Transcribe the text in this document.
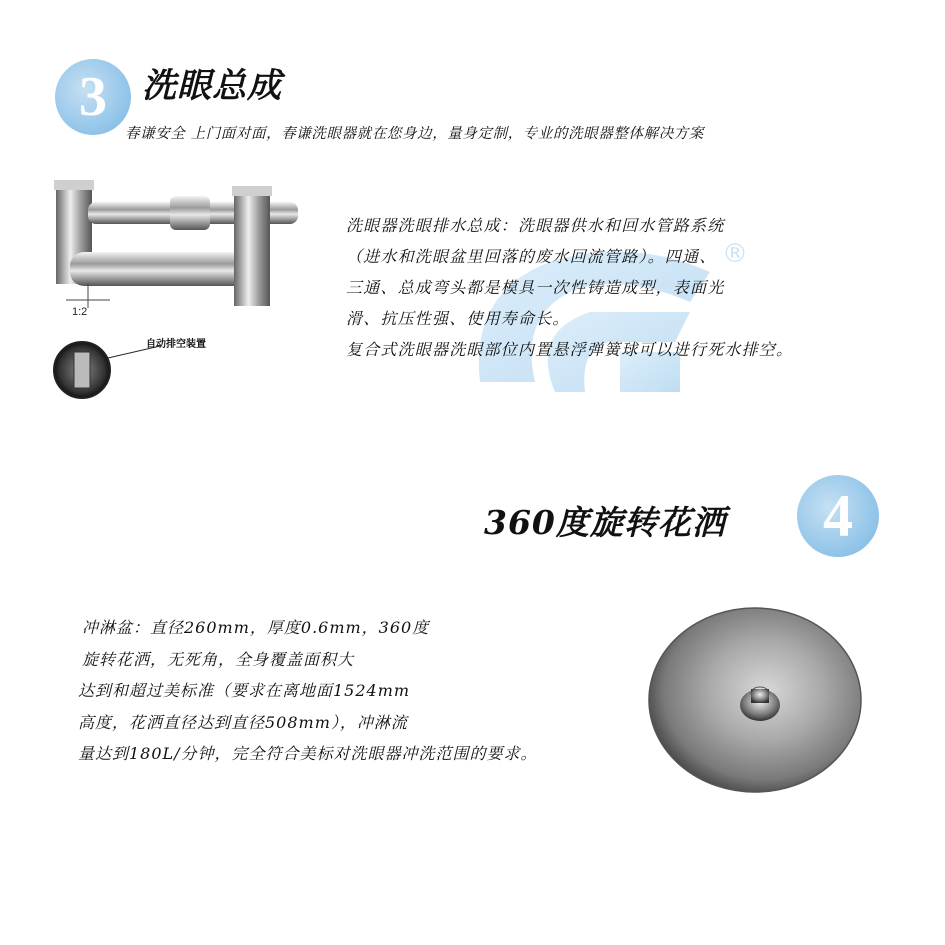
3 洗眼总成
春谦安全 上门面对面，春谦洗眼器就在您身边，量身定制，专业的洗眼器整体解决方案
®
1:2
自动排空装置
洗眼器洗眼排水总成：洗眼器供水和回水管路系统
（进水和洗眼盆里回落的废水回流管路）。四通、
三通、总成弯头都是模具一次性铸造成型，表面光
滑、抗压性强、使用寿命长。
复合式洗眼器洗眼部位内置悬浮弹簧球可以进行死水排空。
360度旋转花洒 4
冲淋盆：直径260mm，厚度0.6mm，360度
旋转花洒，无死角，全身覆盖面积大
达到和超过美标准（要求在离地面1524mm
高度，花洒直径达到直径508mm），冲淋流
量达到180L/分钟，完全符合美标对洗眼器冲洗范围的要求。
